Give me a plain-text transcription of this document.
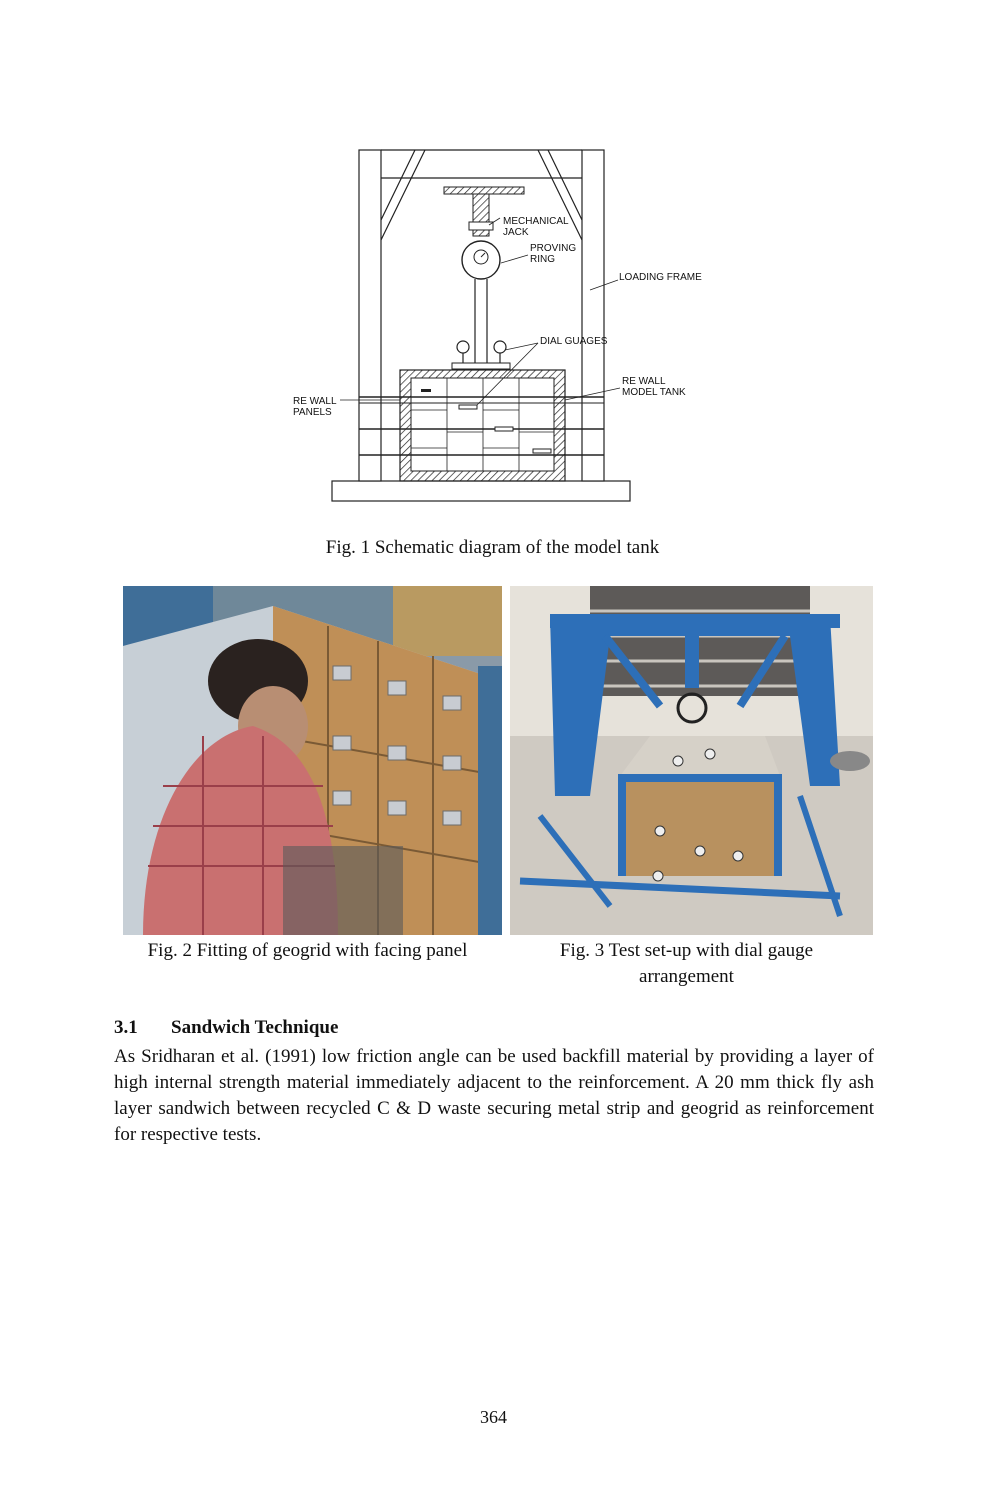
MECHANICAL
JACK
PROVING
RING
LOADING FRAME
DIAL GUAGES
RE WALL
PANELS
RE WALL
MODEL TANK
Fig. 1 Schematic diagram of the model tank
Fig. 2 Fitting of geogrid with facing panel	Fig. 3 Test set-up with dial gauge
arrangement
3.1 Sandwich Technique
As Sridharan et al. (1991) low friction angle can be used backfill material by providing a layer of
high internal strength material immediately adjacent to the reinforcement. A 20 mm thick fly ash
layer sandwich between recycled C & D waste securing metal strip and geogrid as reinforcement
for respective tests.
364
